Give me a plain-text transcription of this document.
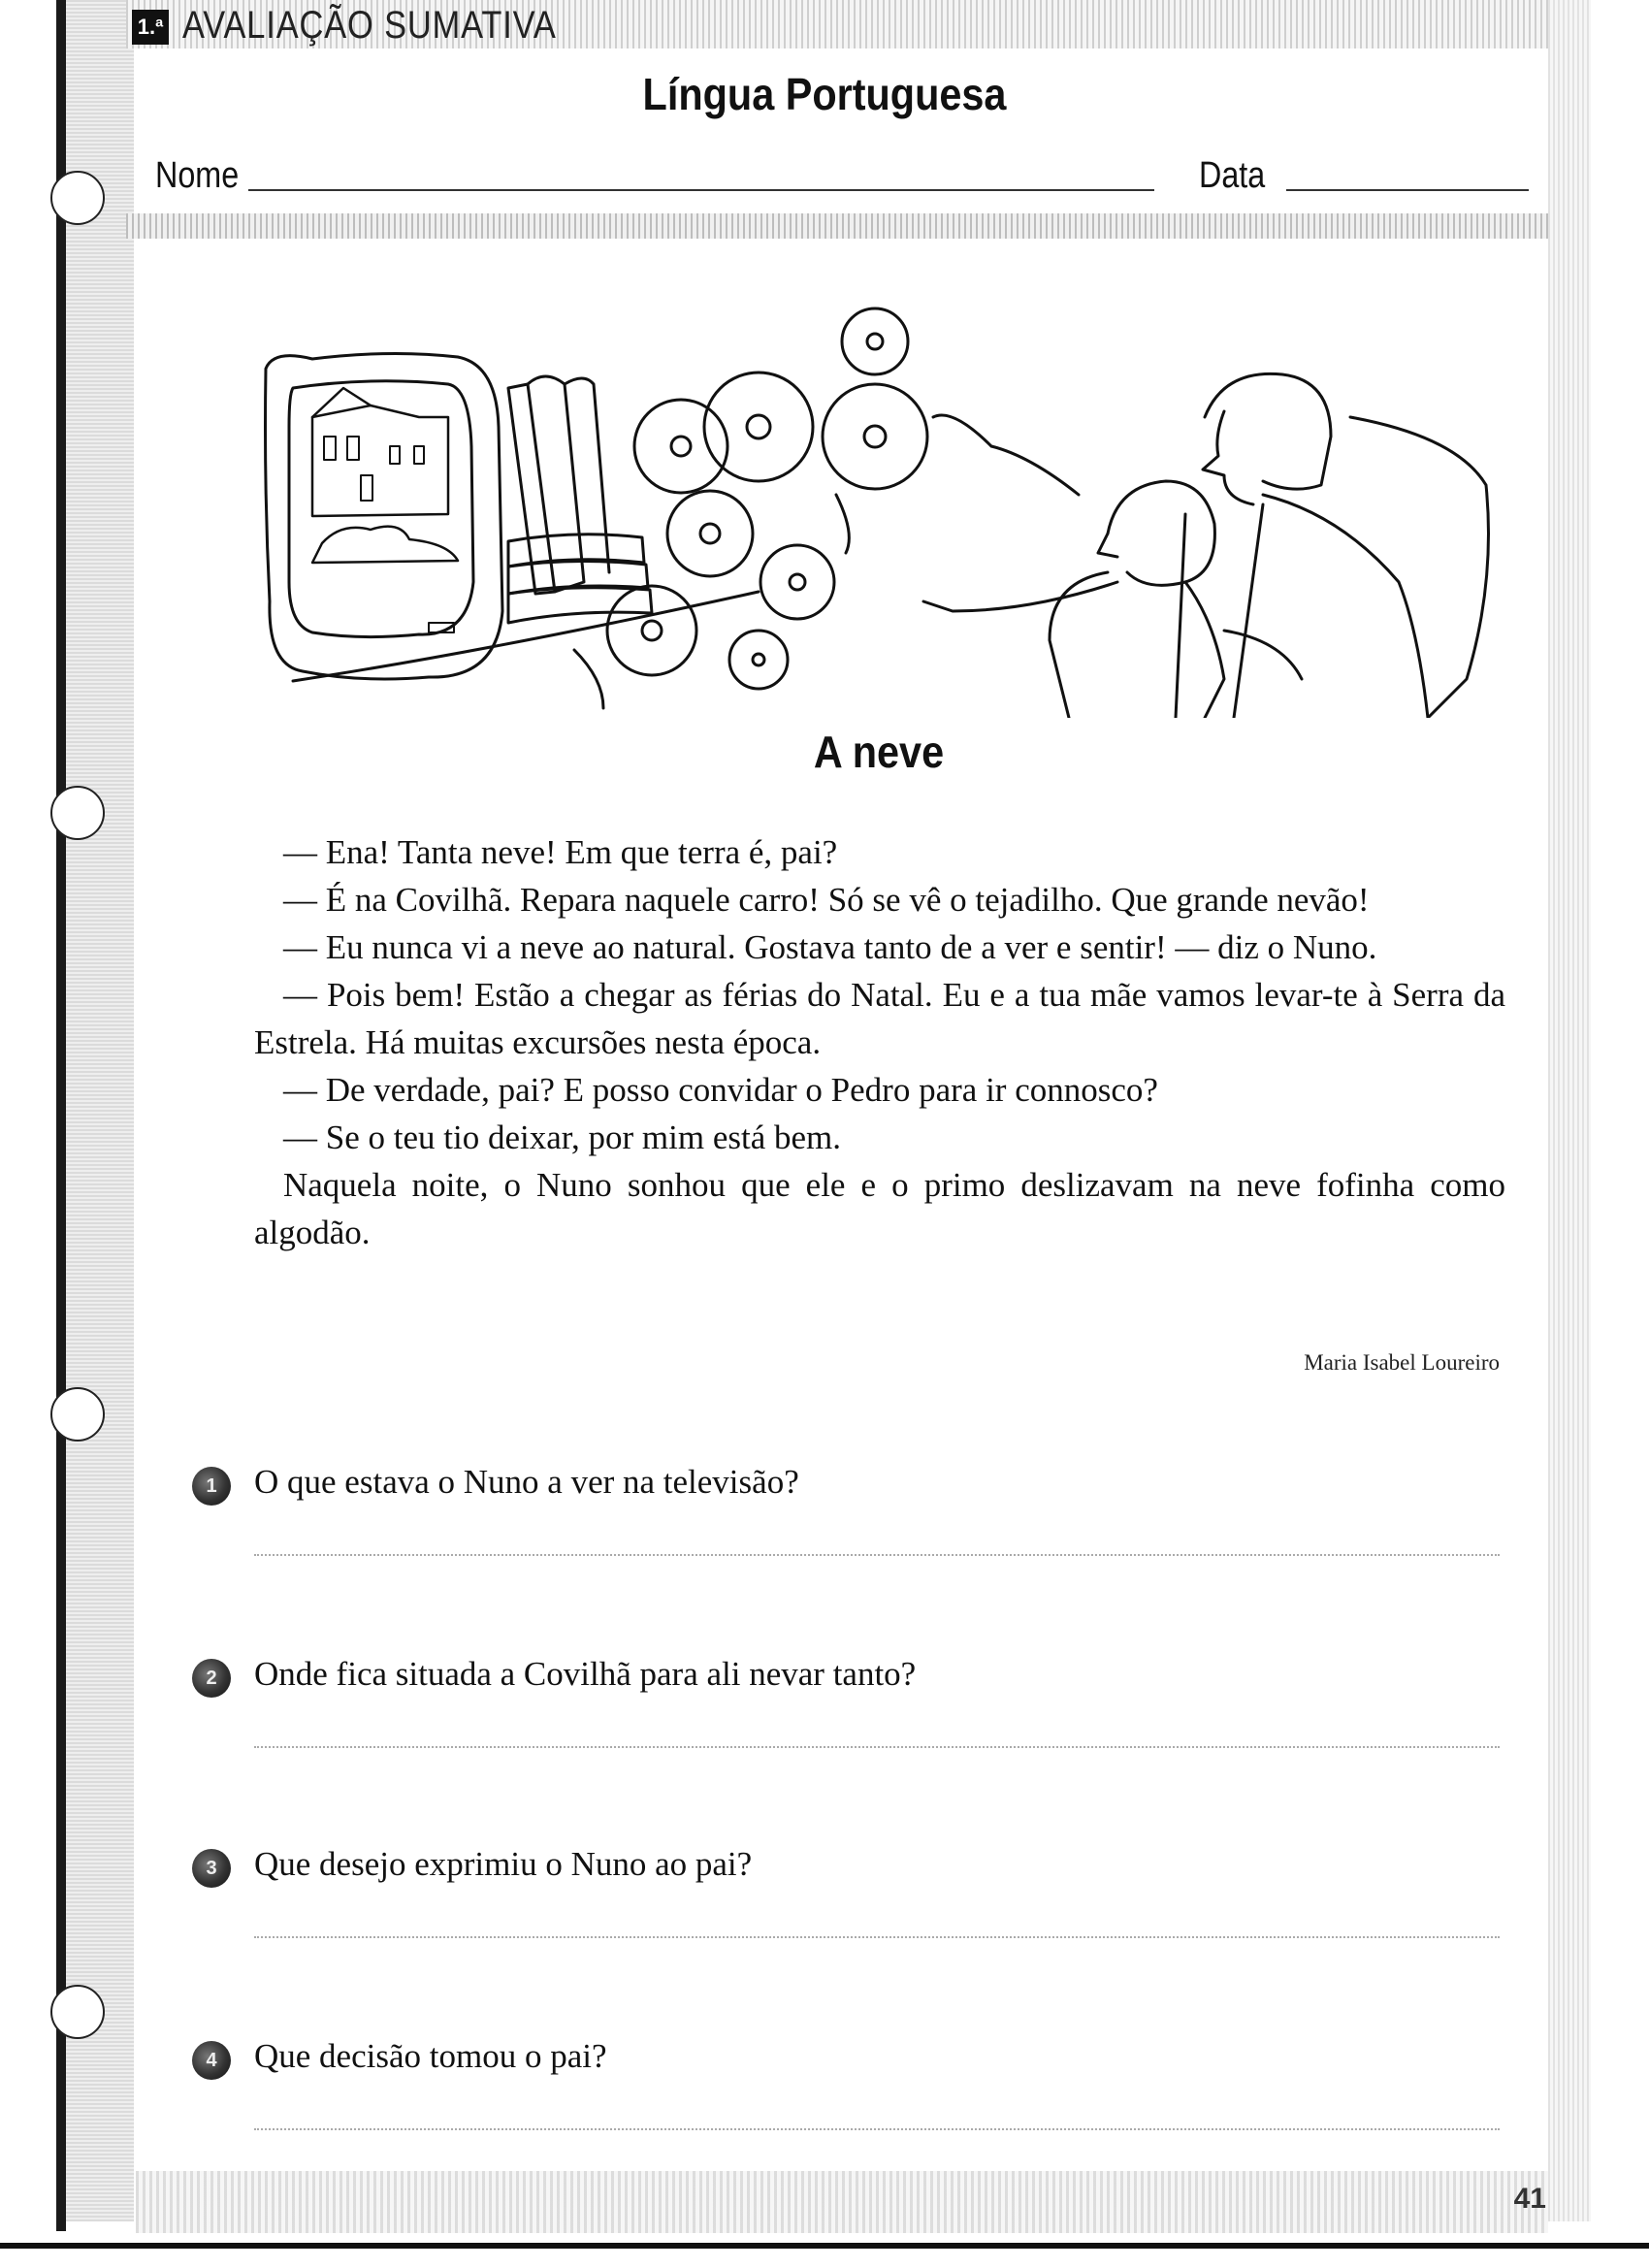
1.ª AVALIAÇÃO SUMATIVA
Língua Portuguesa
Nome	Data
A neve

— Ena! Tanta neve! Em que terra é, pai?

— É na Covilhã. Repara naquele carro! Só se vê o tejadilho. Que grande nevão!

— Eu nunca vi a neve ao natural. Gostava tanto de a ver e sentir! — diz o Nuno.

— Pois bem! Estão a chegar as férias do Natal. Eu e a tua mãe vamos levar-te à Serra da Estrela. Há muitas excursões nesta época.

— De verdade, pai? E posso convidar o Pedro para ir connosco?

— Se o teu tio deixar, por mim está bem.

Naquela noite, o Nuno sonhou que ele e o primo deslizavam na neve fofinha como algodão.

Maria Isabel Loureiro
1	O que estava o Nuno a ver na televisão?
2	Onde fica situada a Covilhã para ali nevar tanto?
3	Que desejo exprimiu o Nuno ao pai?
4	Que decisão tomou o pai?
41
